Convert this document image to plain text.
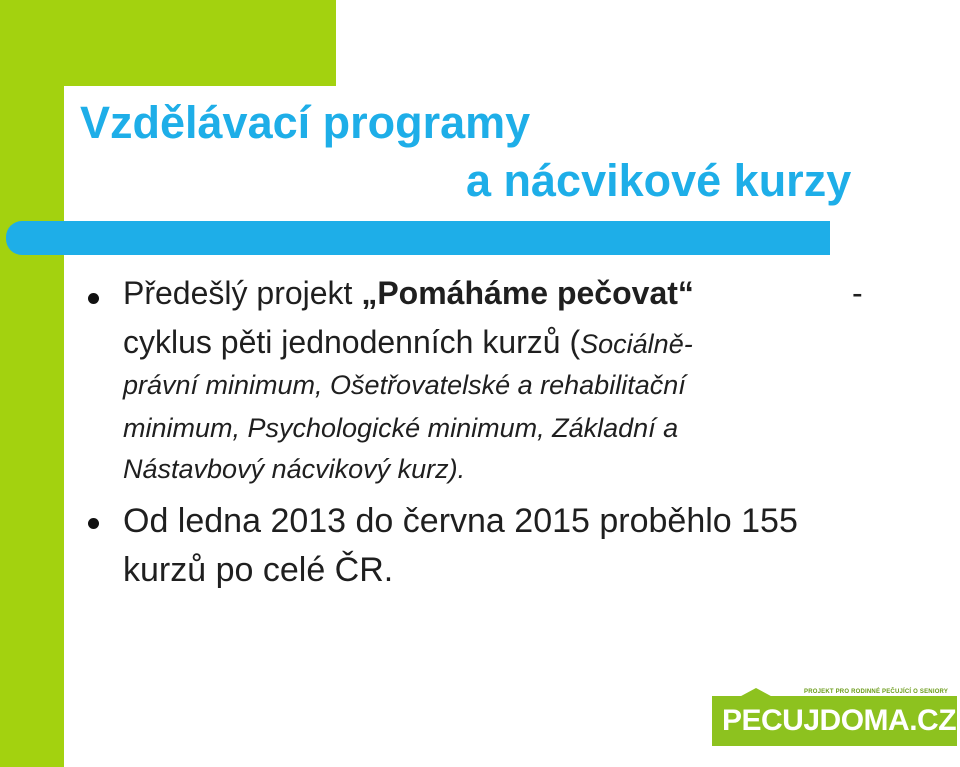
Vzdělávací programy
a nácvikové kurzy
Předešlý projekt „Pomáháme pečovat“	-
cyklus pěti jednodenních kurzů (Sociálně-
právní minimum, Ošetřovatelské a rehabilitační
minimum, Psychologické minimum, Základní a
Nástavbový nácvikový kurz).
Od ledna 2013 do června 2015 proběhlo 155
kurzů po celé ČR.
PROJEKT PRO RODINNÉ PEČUJÍCÍ O SENIORY
PECUJDOMA.CZ
